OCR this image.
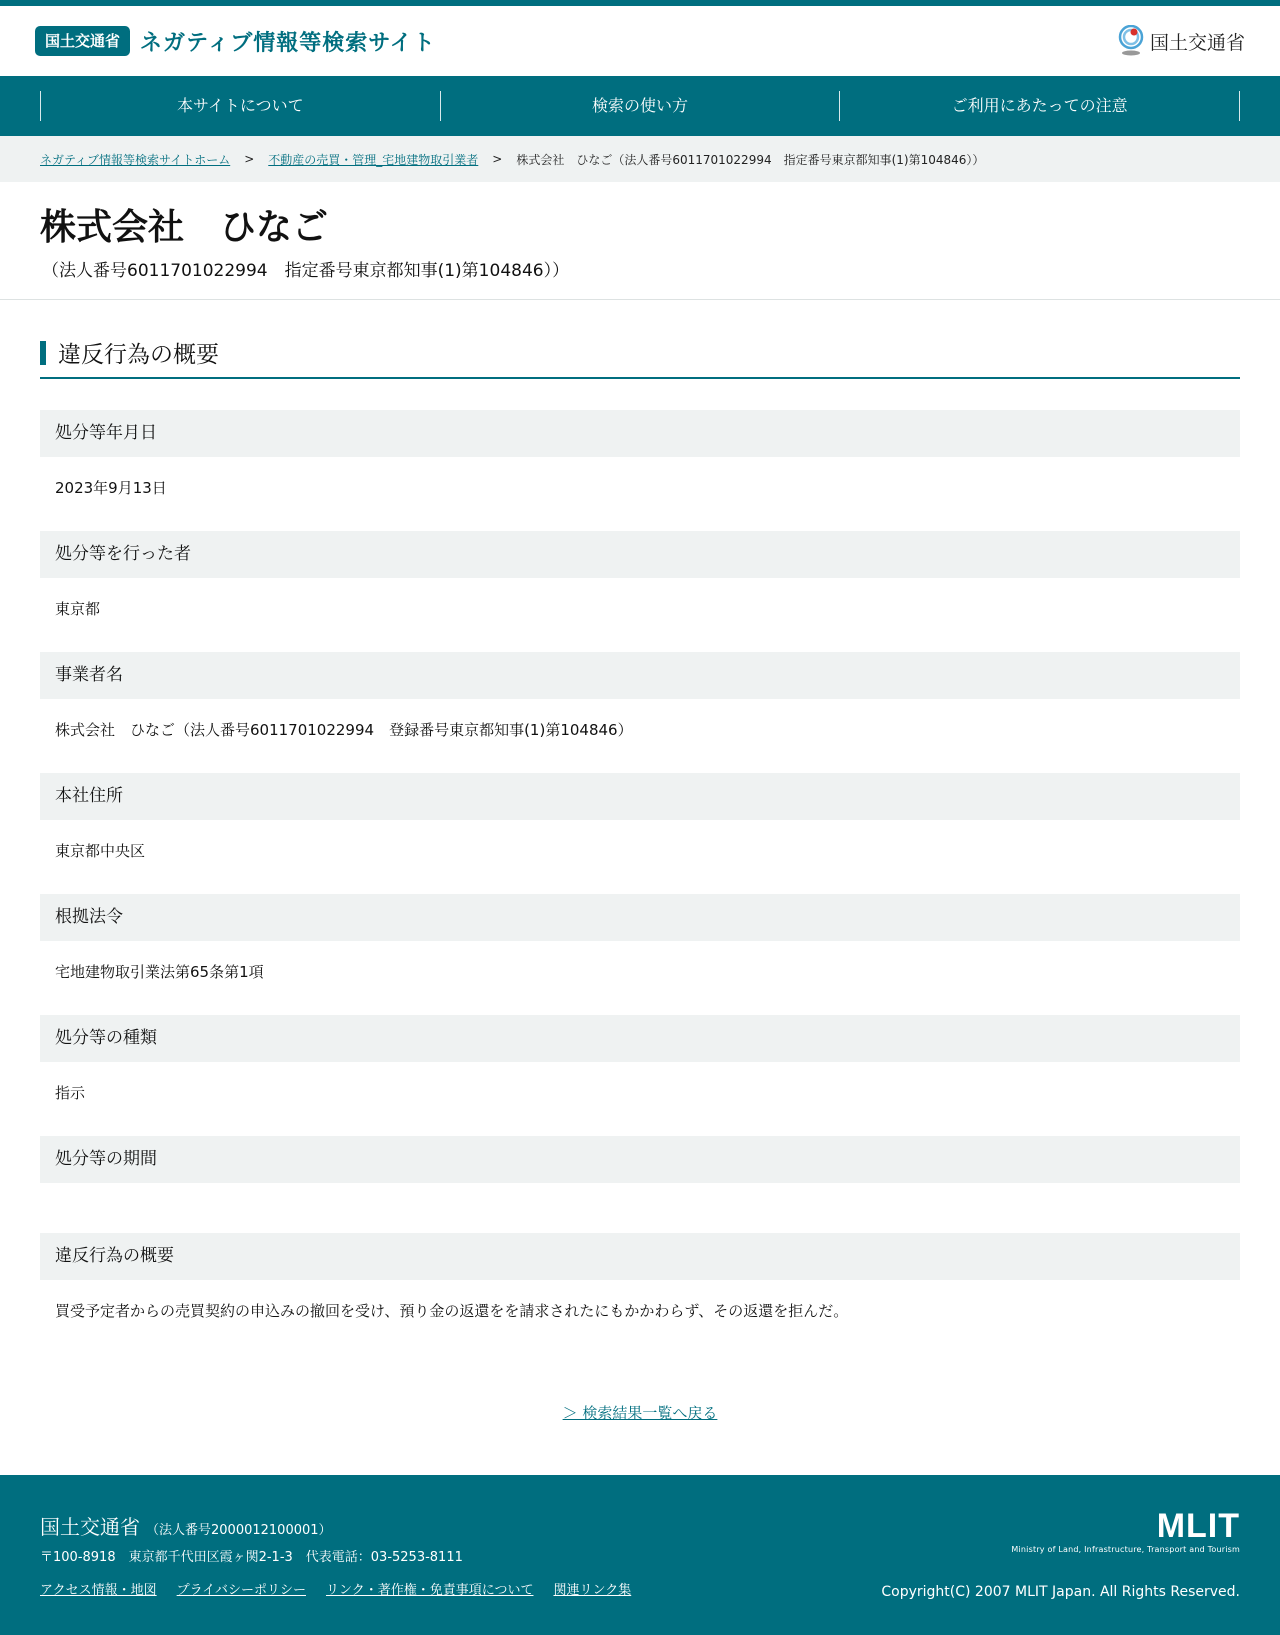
国土交通省 ネガティブ情報等検索サイト	国土交通省
本サイトについて	検索の使い方	ご利用にあたっての注意
ネガティブ情報等検索サイトホーム > 不動産の売買・管理_宅地建物取引業者 > 株式会社　ひなご（法人番号6011701022994　指定番号東京都知事(1)第104846））
株式会社　ひなご
（法人番号6011701022994　指定番号東京都知事(1)第104846））
違反行為の概要
処分等年月日
2023年9月13日
処分等を行った者
東京都
事業者名
株式会社　ひなご（法人番号6011701022994　登録番号東京都知事(1)第104846）
本社住所
東京都中央区
根拠法令
宅地建物取引業法第65条第1項
処分等の種類
指示
処分等の期間
違反行為の概要
買受予定者からの売買契約の申込みの撤回を受け、預り金の返還をを請求されたにもかかわらず、その返還を拒んだ。
＞ 検索結果一覧へ戻る
国土交通省 （法人番号2000012100001）
〒100-8918　東京都千代田区霞ヶ関2-1-3　代表電話：03-5253-8111
アクセス情報・地図 プライバシーポリシー リンク・著作権・免責事項について 関連リンク集
MLIT
Ministry of Land, Infrastructure, Transport and Tourism
Copyright(C) 2007 MLIT Japan. All Rights Reserved.
